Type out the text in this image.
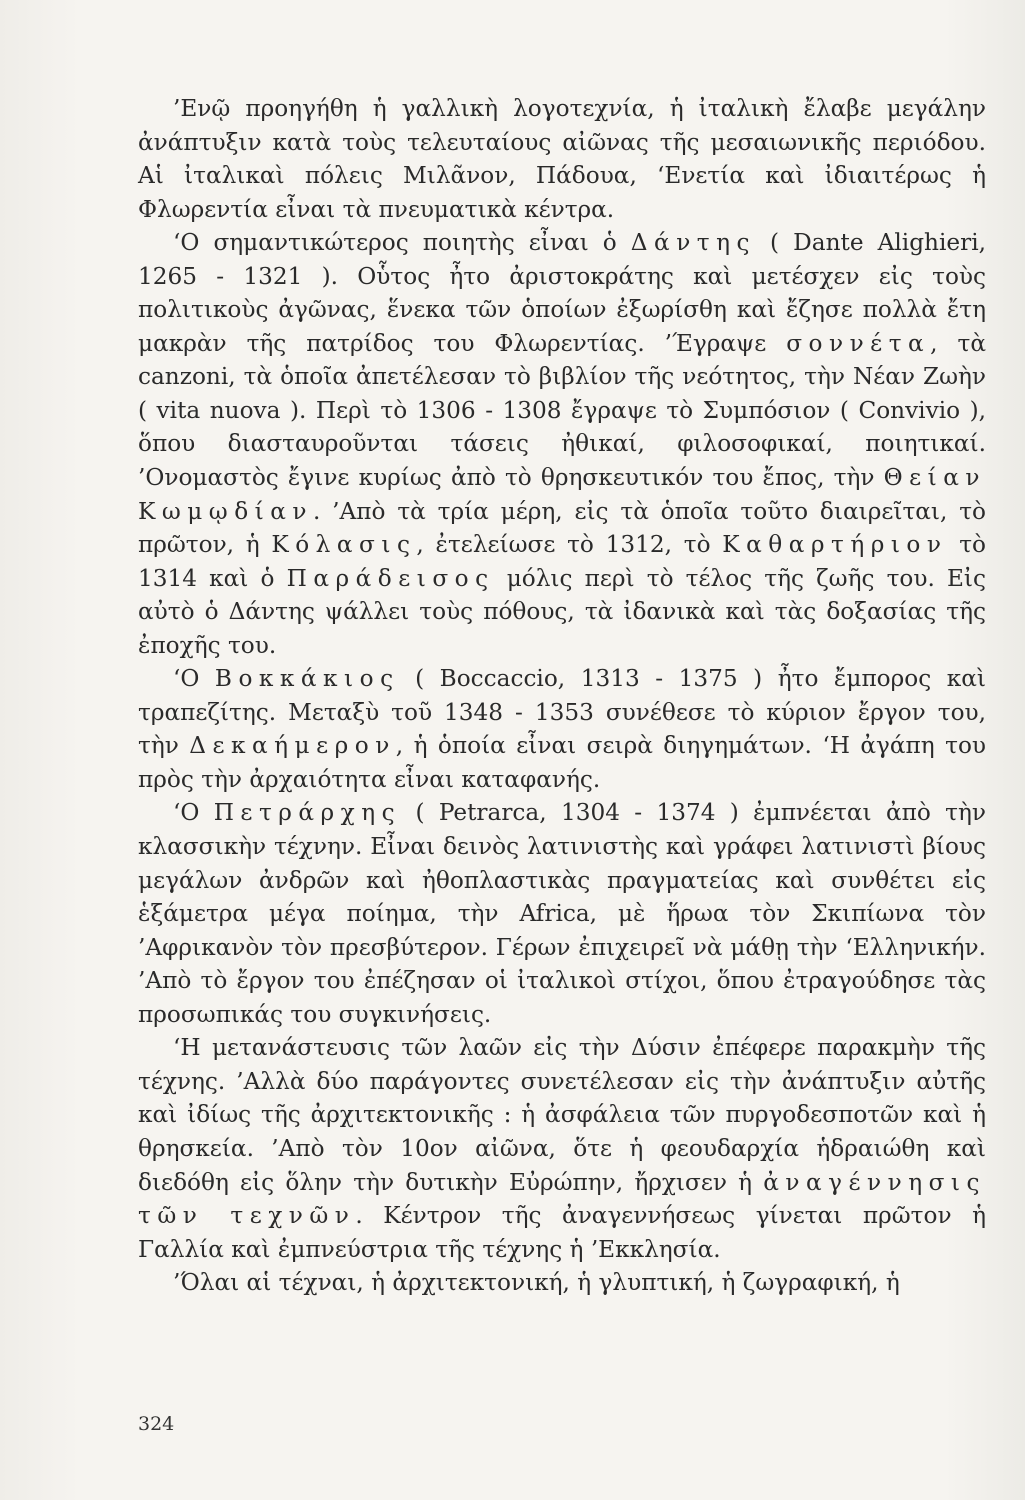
’Ενῷ προηγήθη ἡ γαλλικὴ λογοτεχνία, ἡ ἰταλικὴ ἔλαβε μεγάλην ἀνάπτυξιν κατὰ τοὺς τελευταίους αἰῶνας τῆς μεσαιωνικῆς περιόδου. Αἱ ἰταλικαὶ πόλεις Μιλᾶνον, Πάδουα, ‘Ενετία καὶ ἰδιαιτέρως ἡ Φλωρεντία εἶναι τὰ πνευματικὰ κέντρα.

‘Ο σημαντικώτερος ποιητὴς εἶναι ὁ Δάντης ( Dante Alighieri, 1265 - 1321 ). Οὗτος ἦτο ἀριστοκράτης καὶ μετέσχεν εἰς τοὺς πολιτικοὺς ἀγῶνας, ἕνεκα τῶν ὁποίων ἐξωρίσθη καὶ ἔζησε πολλὰ ἔτη μακρὰν τῆς πατρίδος του Φλωρεντίας. ’Έγραψε σοννέτα, τὰ canzoni, τὰ ὁποῖα ἀπετέλεσαν τὸ βιβλίον τῆς νεότητος, τὴν Νέαν Ζωὴν ( vita nuova ). Περὶ τὸ 1306 - 1308 ἔγραψε τὸ Συμπόσιον ( Convivio ), ὅπου διασταυροῦνται τάσεις ἠθικαί, φιλοσοφικαί, ποιητικαί. ’Ονομαστὸς ἔγινε κυρίως ἀπὸ τὸ θρησκευτικόν του ἔπος, τὴν Θείαν Κωμῳδίαν. ’Απὸ τὰ τρία μέρη, εἰς τὰ ὁποῖα τοῦτο διαιρεῖται, τὸ πρῶτον, ἡ Κόλασις, ἐτελείωσε τὸ 1312, τὸ Καθαρτήριον τὸ 1314 καὶ ὁ Παράδεισος μόλις περὶ τὸ τέλος τῆς ζωῆς του. Εἰς αὐτὸ ὁ Δάντης ψάλλει τοὺς πόθους, τὰ ἰδανικὰ καὶ τὰς δοξασίας τῆς ἐποχῆς του.

‘Ο Βοκκάκιος ( Boccaccio, 1313 - 1375 ) ἦτο ἔμπορος καὶ τραπεζίτης. Μεταξὺ τοῦ 1348 - 1353 συνέθεσε τὸ κύριον ἔργον του, τὴν Δεκαήμερον, ἡ ὁποία εἶναι σειρὰ διηγημάτων. ‘Η ἀγάπη του πρὸς τὴν ἀρχαιότητα εἶναι καταφανής.

‘Ο Πετράρχης ( Petrarca, 1304 - 1374 ) ἐμπνέεται ἀπὸ τὴν κλασσικὴν τέχνην. Εἶναι δεινὸς λατινιστὴς καὶ γράφει λατινιστὶ βίους μεγάλων ἀνδρῶν καὶ ἠθοπλαστικὰς πραγματείας καὶ συνθέτει εἰς ἑξάμετρα μέγα ποίημα, τὴν Africa, μὲ ἥρωα τὸν Σκιπίωνα τὸν ’Αφρικανὸν τὸν πρεσβύτερον. Γέρων ἐπιχειρεῖ νὰ μάθῃ τὴν ‘Ελληνικήν. ’Απὸ τὸ ἔργον του ἐπέζησαν οἱ ἰταλικοὶ στίχοι, ὅπου ἐτραγούδησε τὰς προσωπικάς του συγκινήσεις.

‘Η μετανάστευσις τῶν λαῶν εἰς τὴν Δύσιν ἐπέφερε παρακμὴν τῆς τέχνης. ’Αλλὰ δύο παράγοντες συνετέλεσαν εἰς τὴν ἀνάπτυξιν αὐτῆς καὶ ἰδίως τῆς ἀρχιτεκτονικῆς : ἡ ἀσφάλεια τῶν πυργοδεσποτῶν καὶ ἡ θρησκεία. ’Απὸ τὸν 10ον αἰῶνα, ὅτε ἡ φεουδαρχία ἡδραιώθη καὶ διεδόθη εἰς ὅλην τὴν δυτικὴν Εὐρώπην, ἤρχισεν ἡ ἀναγέννησις τῶν τεχνῶν. Κέντρον τῆς ἀναγεννήσεως γίνεται πρῶτον ἡ Γαλλία καὶ ἐμπνεύστρια τῆς τέχνης ἡ ’Εκκλησία.

’Όλαι αἱ τέχναι, ἡ ἀρχιτεκτονική, ἡ γλυπτική, ἡ ζωγραφική, ἡ

324
